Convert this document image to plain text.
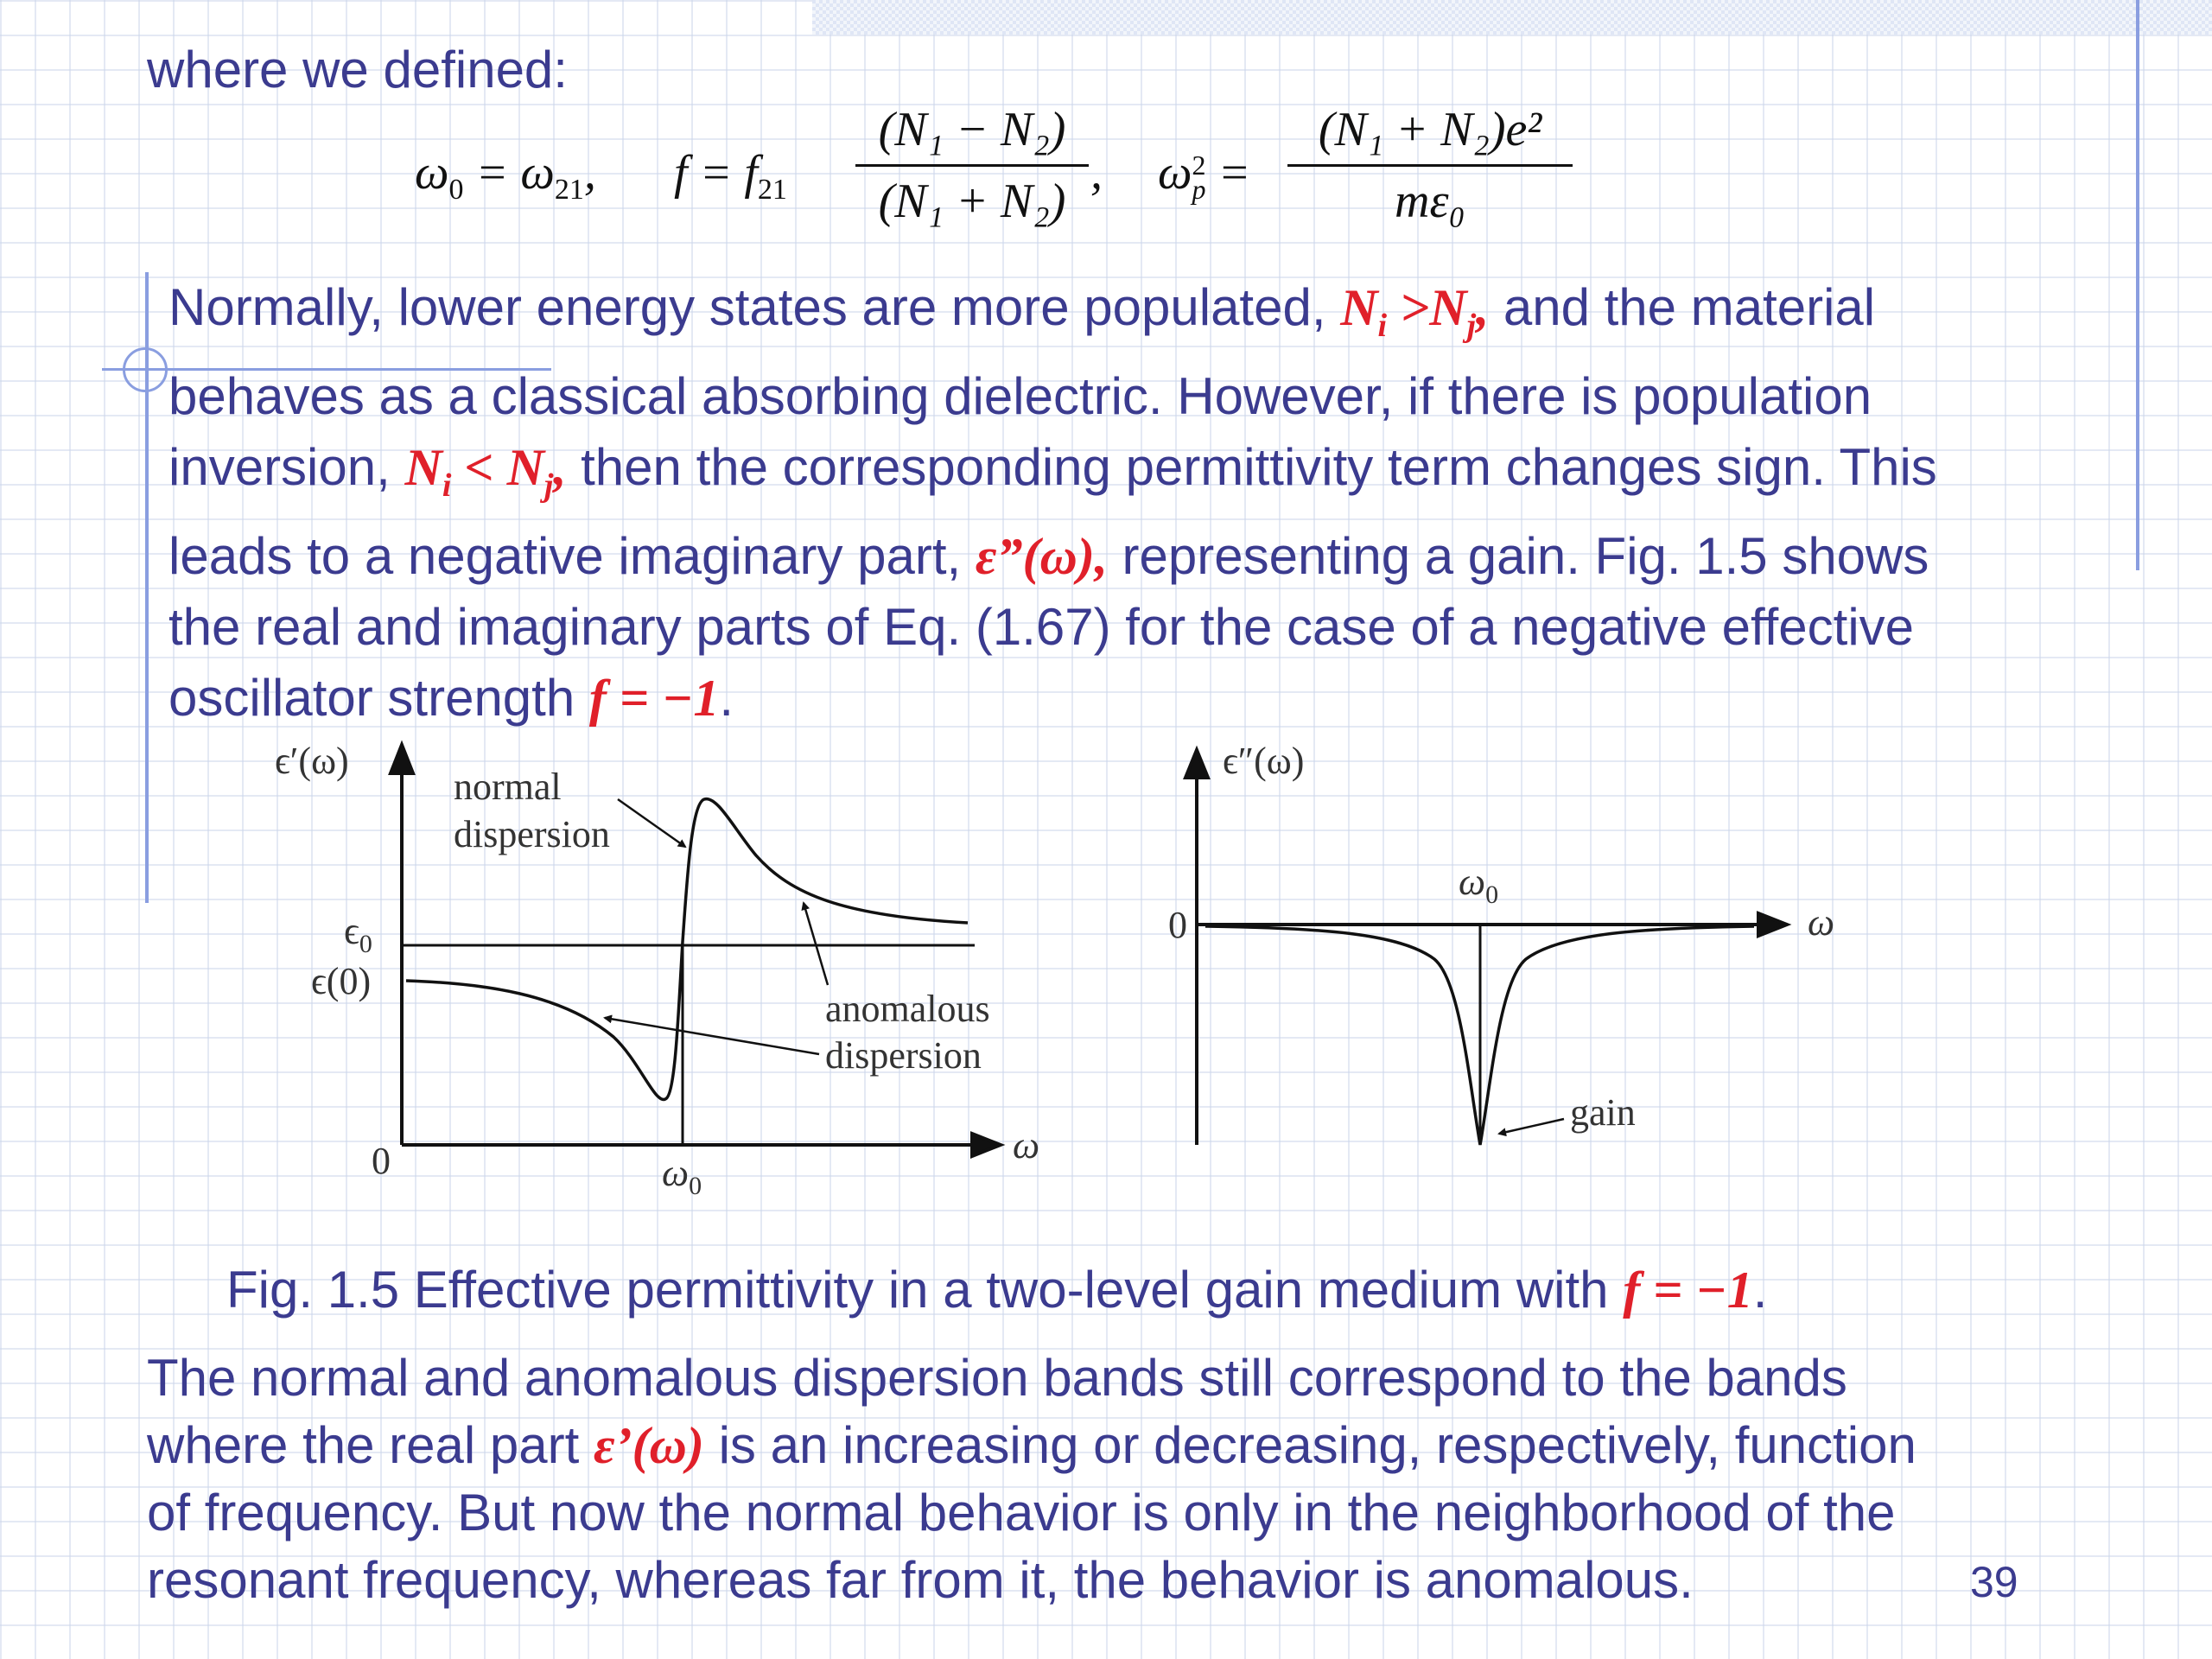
where we defined:
$\omega_0 = \omega_{21}$, $f = f_{21}$
(N₁ − N₂)
(N₁ + N₂)
, ω 2
p =
(N₁ + N₂)e²
mε₀
Normally, lower energy states are more populated, $N_i >N_j$, and the material
behaves as a classical absorbing dielectric. However, if there is population
inversion, $N_i < N_j$, then the corresponding permittivity term changes sign. This
leads to a negative imaginary part, ε”(ω), representing a gain. Fig. 1.5 shows
the real and imaginary parts of Eq. (1.67) for the case of a negative effective
oscillator strength f = −1.
ϵ′(ω)
$\epsilon_0$
ϵ(0)
0	ω
$\omega_0$
normal
dispersion
anomalous
dispersion
ϵ″(ω)
0	ω
$\omega_0$
gain
Fig. 1.5 Effective permittivity in a two-level gain medium with f = −1.
The normal and anomalous dispersion bands still correspond to the bands
where the real part ε’(ω) is an increasing or decreasing, respectively, function
of frequency. But now the normal behavior is only in the neighborhood of the
resonant frequency, whereas far from it, the behavior is anomalous.	39
